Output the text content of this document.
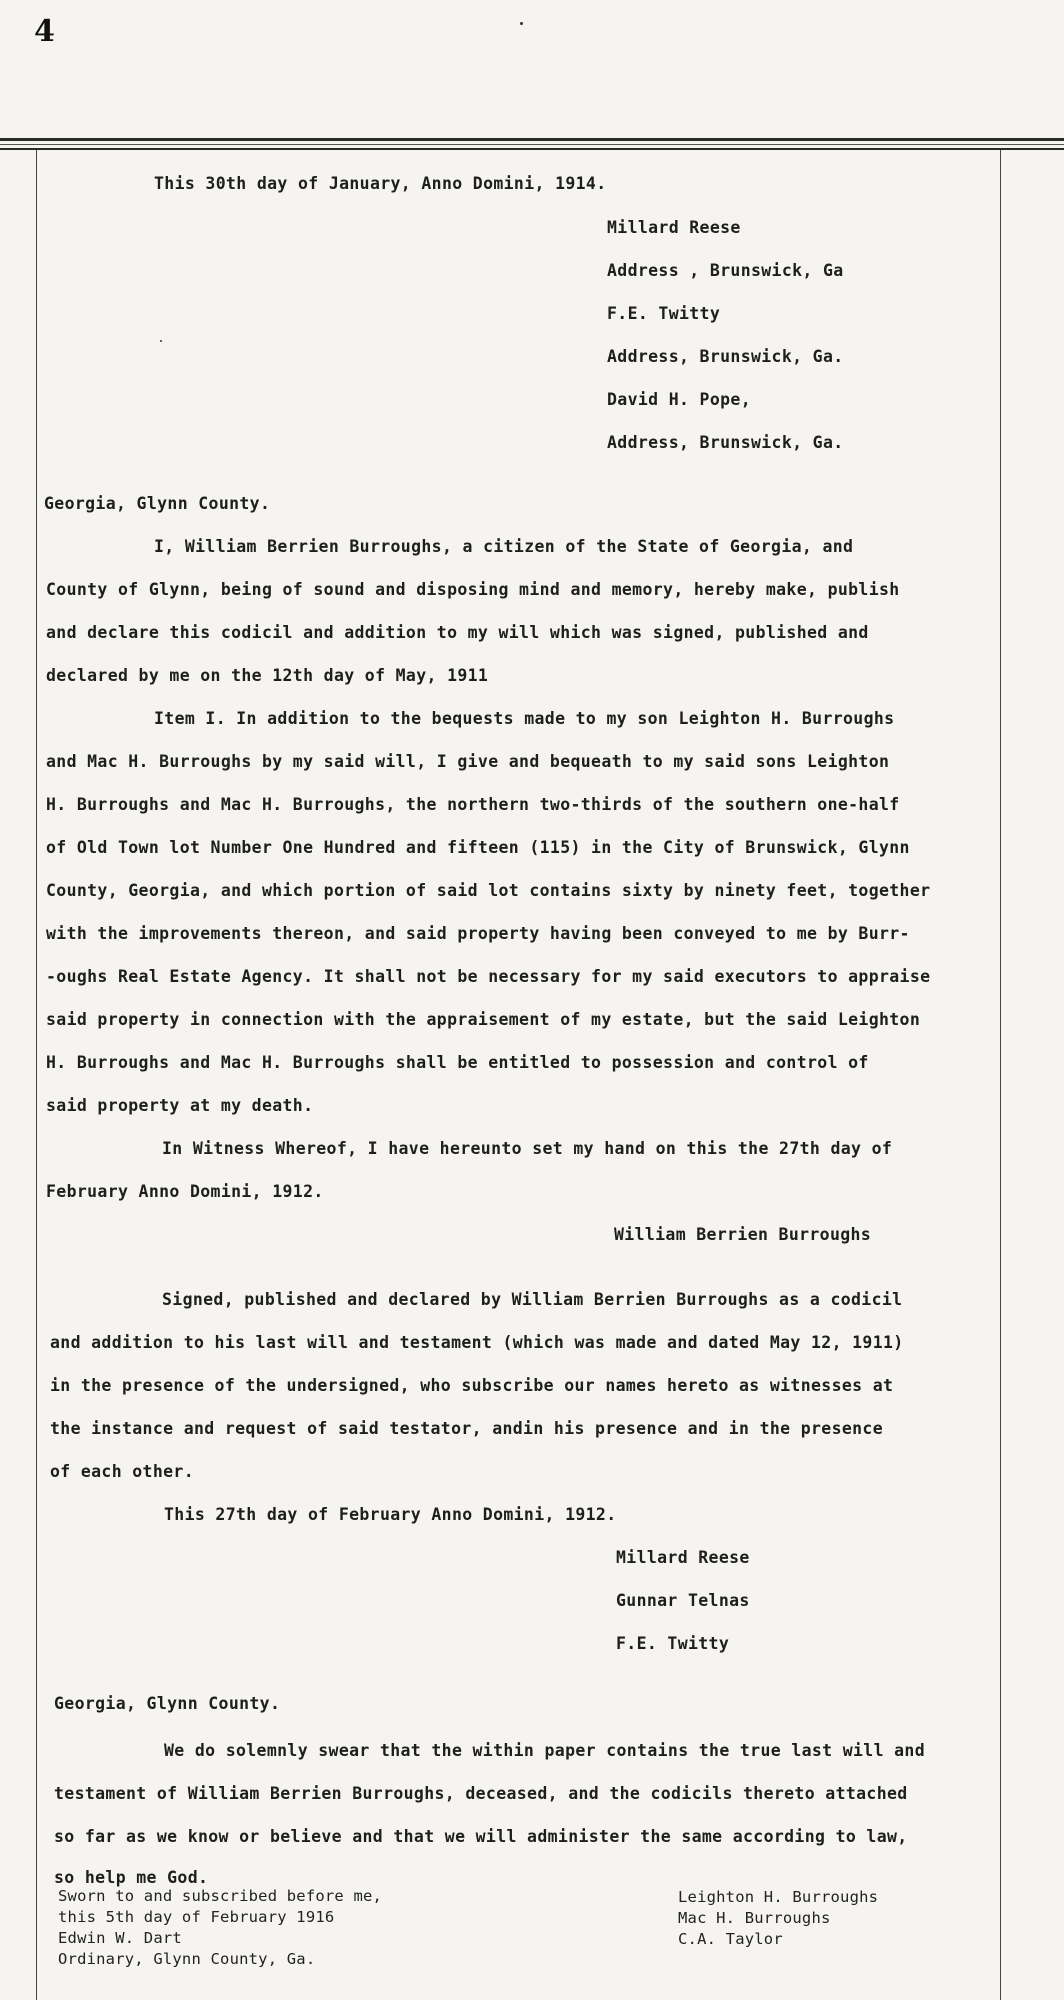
4
This 30th day of January, Anno Domini, 1914.
Millard Reese
Address , Brunswick, Ga
F.E. Twitty
Address, Brunswick, Ga.
David H. Pope,
Address, Brunswick, Ga.
Georgia, Glynn County.
I, William Berrien Burroughs, a citizen of the State of Georgia, and
County of Glynn, being of sound and disposing mind and memory, hereby make, publish
and declare this codicil and addition to my will which was signed, published and
declared by me on the 12th day of May, 1911
Item I. In addition to the bequests made to my son Leighton H. Burroughs
and Mac H. Burroughs by my said will, I give and bequeath to my said sons Leighton
H. Burroughs and Mac H. Burroughs, the northern two-thirds of the southern one-half
of Old Town lot Number One Hundred and fifteen (115) in the City of Brunswick, Glynn
County, Georgia, and which portion of said lot contains sixty by ninety feet, together
with the improvements thereon, and said property having been conveyed to me by Burr-
-oughs Real Estate Agency. It shall not be necessary for my said executors to appraise
said property in connection with the appraisement of my estate, but the said Leighton
H. Burroughs and Mac H. Burroughs shall be entitled to possession and control of
said property at my death.
In Witness Whereof, I have hereunto set my hand on this the 27th day of
February Anno Domini, 1912.
William Berrien Burroughs
Signed, published and declared by William Berrien Burroughs as a codicil
and addition to his last will and testament (which was made and dated May 12, 1911)
in the presence of the undersigned, who subscribe our names hereto as witnesses at
the instance and request of said testator, andin his presence and in the presence
of each other.
This 27th day of February Anno Domini, 1912.
Millard Reese
Gunnar Telnas
F.E. Twitty
Georgia, Glynn County.
We do solemnly swear that the within paper contains the true last will and
testament of William Berrien Burroughs, deceased, and the codicils thereto attached
so far as we know or believe and that we will administer the same according to law,
so help me God.
Sworn to and subscribed before me,
this 5th day of February 1916
Edwin W. Dart
Ordinary, Glynn County, Ga.
Leighton H. Burroughs
Mac H. Burroughs
C.A. Taylor
